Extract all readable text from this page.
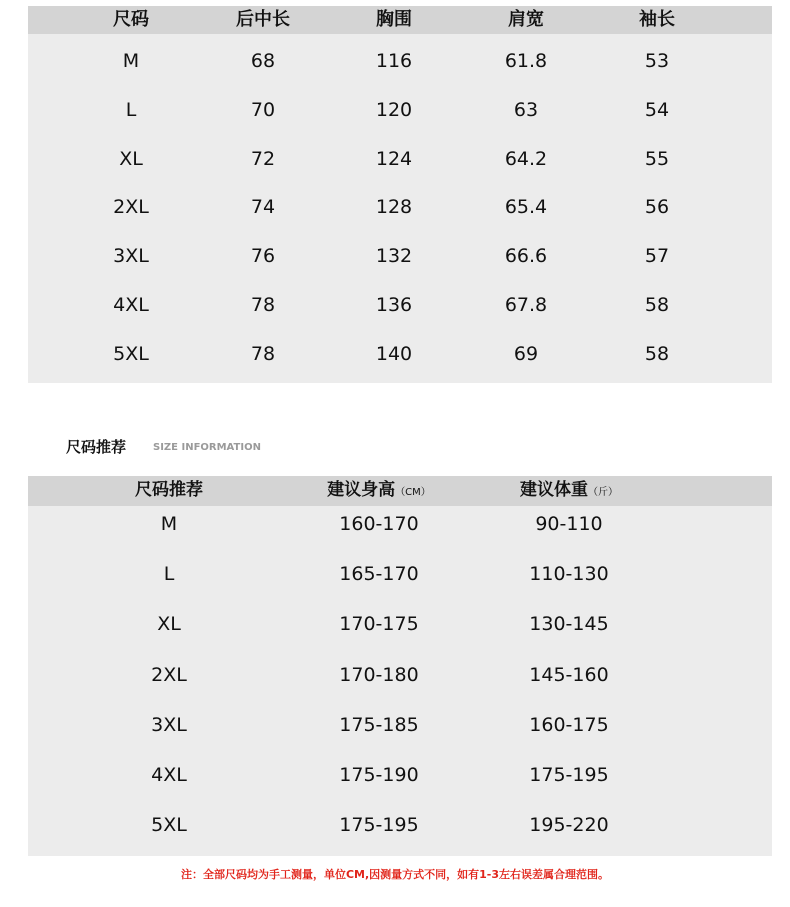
尺码	后中长	胸围	肩宽	袖长
M	68	116	61.8	53
L	70	120	63	54
XL	72	124	64.2	55
2XL	74	128	65.4	56
3XL	76	132	66.6	57
4XL	78	136	67.8	58
5XL	78	140	69	58
尺码推荐	SIZE INFORMATION
尺码推荐	建议身高（CM）	建议体重（斤）
M	160-170	90-110
L	165-170	110-130
XL	170-175	130-145
2XL	170-180	145-160
3XL	175-185	160-175
4XL	175-190	175-195
5XL	175-195	195-220
注：全部尺码均为手工测量，单位CM,因测量方式不同，如有1-3左右误差属合理范围。
